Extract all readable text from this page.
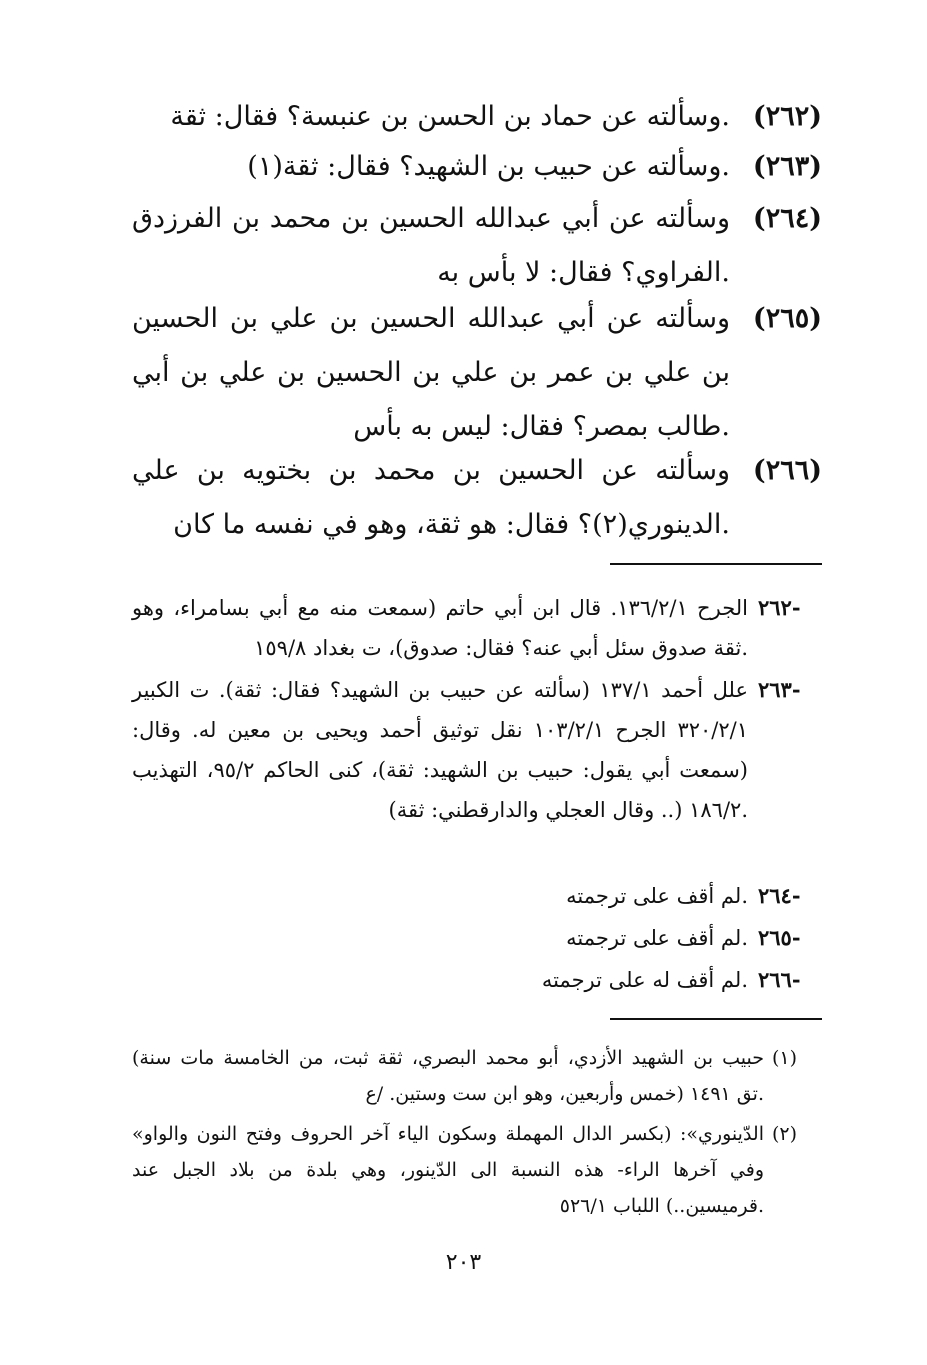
(٢٦٢)
وسألته عن حماد بن الحسن بن عنبسة؟ فقال: ثقة.
(٢٦٣)
وسألته عن حبيب بن الشهيد؟ فقال: ثقة(١).
(٢٦٤)
وسألته عن أبي عبدالله الحسين بن محمد بن الفرزدق الفراوي؟ فقال: لا بأس به.
(٢٦٥)
وسألته عن أبي عبدالله الحسين بن علي بن الحسين بن علي بن عمر بن علي بن الحسين بن علي بن أبي طالب بمصر؟ فقال: ليس به بأس.
(٢٦٦)
وسألته عن الحسين بن محمد بن بختويه بن علي الدينوري(٢)؟ فقال: هو ثقة، وهو في نفسه ما كان.
٢٦٢-
الجرح ١٣٦/٢/١. قال ابن أبي حاتم (سمعت منه مع أبي بسامراء، وهو ثقة صدوق سئل أبي عنه؟ فقال: صدوق)، ت بغداد ١٥٩/٨.
٢٦٣-
علل أحمد ١٣٧/١ (سألته عن حبيب بن الشهيد؟ فقال: ثقة). ت الكبير ٣٢٠/٢/١ الجرح ١٠٣/٢/١ نقل توثيق أحمد ويحيى بن معين له. وقال: (سمعت أبي يقول: حبيب بن الشهيد: ثقة)، كنى الحاكم ٩٥/٢، التهذيب ١٨٦/٢ (.. وقال العجلي والدارقطني: ثقة).
٢٦٤-
لم أقف على ترجمته.
٢٦٥-
لم أقف على ترجمته.
٢٦٦-
لم أقف له على ترجمته.
(١)
(حبيب بن الشهيد الأزدي، أبو محمد البصري، ثقة ثبت، من الخامسة مات سنة خمس وأربعين، وهو ابن ست وستين. /ع) تق ١٤٩١.
(٢)
«الدّينوري»: (بكسر الدال المهملة وسكون الياء آخر الحروف وفتح النون والواو وفي آخرها الراء- هذه النسبة الى الدّينور، وهي بلدة من بلاد الجبل عند قرميسين..) اللباب ٥٢٦/١.
٢٠٣
